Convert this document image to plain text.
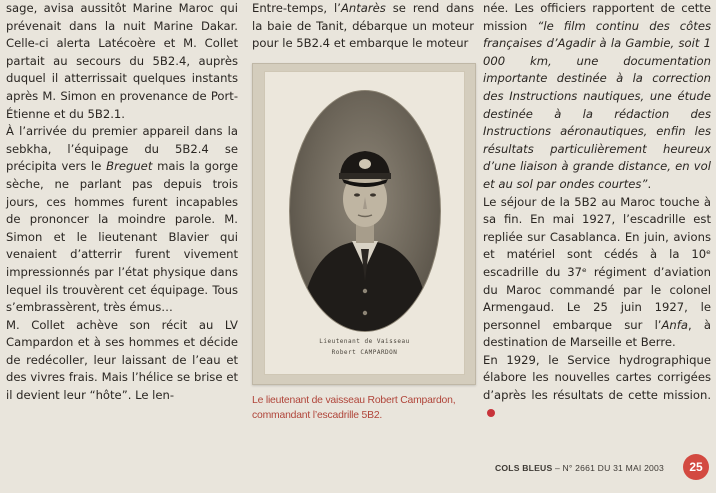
sage, avisa aussitôt Marine Maroc qui prévenait dans la nuit Marine Dakar. Celle-ci alerta Latécoère et M. Collet partait au secours du 5B2.4, auprès duquel il atterrissait quelques instants après M. Simon en provenance de Port-Étienne et du 5B2.1.

À l’arrivée du premier appareil dans la sebkha, l’équipage du 5B2.4 se précipita vers le Breguet mais la gorge sèche, ne parlant pas depuis trois jours, ces hommes furent incapables de prononcer la moindre parole. M. Simon et le lieutenant Blavier qui venaient d’atterrir furent vivement impressionnés par l’état physique dans lequel ils trouvèrent cet équipage. Tous s’embrassèrent, très émus…

M. Collet achève son récit au LV Campardon et à ses hommes et décide de redécoller, leur laissant de l’eau et des vivres frais. Mais l’hélice se brise et il devient leur “hôte”. Le len-

Entre-temps, l’Antarès se rend dans la baie de Tanit, débarque un moteur pour le 5B2.4 et embarque le moteur

Lieutenant de Vaisseau
Robert CAMPARDON
Le lieutenant de vaisseau Robert Campardon, commandant l’escadrille 5B2.

née. Les officiers rapportent de cette mission “le film continu des côtes françaises d’Agadir à la Gambie, soit 1 000 km, une documentation importante destinée à la correction des Instructions nautiques, une étude destinée à la rédaction des Instructions aéronautiques, enfin les résultats particulièrement heureux d’une liaison à grande distance, en vol et au sol par ondes courtes”.

Le séjour de la 5B2 au Maroc touche à sa fin. En mai 1927, l’escadrille est repliée sur Casablanca. En juin, avions et matériel sont cédés à la 10ᵉ escadrille du 37ᵉ régiment d’aviation du Maroc commandé par le colonel Armengaud. Le 25 juin 1927, le personnel embarque sur l’Anfa, à destination de Marseille et Berre.

En 1929, le Service hydrographique élabore les nouvelles cartes corrigées d’après les résultats de cette mission.

COLS BLEUS – N° 2661 DU 31 MAI 2003	25
